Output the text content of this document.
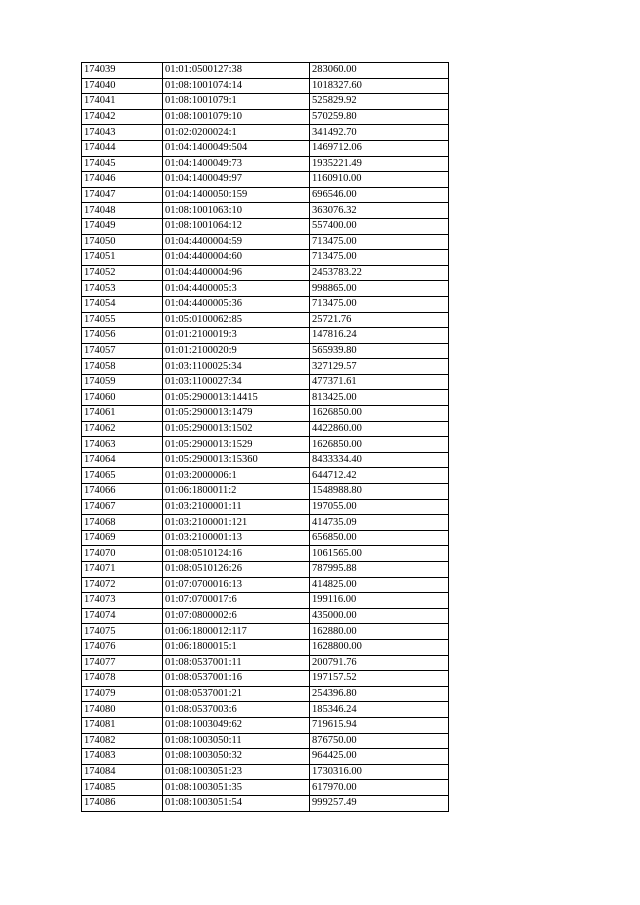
174039	01:01:0500127:38	283060.00
174040	01:08:1001074:14	1018327.60
174041	01:08:1001079:1	525829.92
174042	01:08:1001079:10	570259.80
174043	01:02:0200024:1	341492.70
174044	01:04:1400049:504	1469712.06
174045	01:04:1400049:73	1935221.49
174046	01:04:1400049:97	1160910.00
174047	01:04:1400050:159	696546.00
174048	01:08:1001063:10	363076.32
174049	01:08:1001064:12	557400.00
174050	01:04:4400004:59	713475.00
174051	01:04:4400004:60	713475.00
174052	01:04:4400004:96	2453783.22
174053	01:04:4400005:3	998865.00
174054	01:04:4400005:36	713475.00
174055	01:05:0100062:85	25721.76
174056	01:01:2100019:3	147816.24
174057	01:01:2100020:9	565939.80
174058	01:03:1100025:34	327129.57
174059	01:03:1100027:34	477371.61
174060	01:05:2900013:14415	813425.00
174061	01:05:2900013:1479	1626850.00
174062	01:05:2900013:1502	4422860.00
174063	01:05:2900013:1529	1626850.00
174064	01:05:2900013:15360	8433334.40
174065	01:03:2000006:1	644712.42
174066	01:06:1800011:2	1548988.80
174067	01:03:2100001:11	197055.00
174068	01:03:2100001:121	414735.09
174069	01:03:2100001:13	656850.00
174070	01:08:0510124:16	1061565.00
174071	01:08:0510126:26	787995.88
174072	01:07:0700016:13	414825.00
174073	01:07:0700017:6	199116.00
174074	01:07:0800002:6	435000.00
174075	01:06:1800012:117	162880.00
174076	01:06:1800015:1	1628800.00
174077	01:08:0537001:11	200791.76
174078	01:08:0537001:16	197157.52
174079	01:08:0537001:21	254396.80
174080	01:08:0537003:6	185346.24
174081	01:08:1003049:62	719615.94
174082	01:08:1003050:11	876750.00
174083	01:08:1003050:32	964425.00
174084	01:08:1003051:23	1730316.00
174085	01:08:1003051:35	617970.00
174086	01:08:1003051:54	999257.49
